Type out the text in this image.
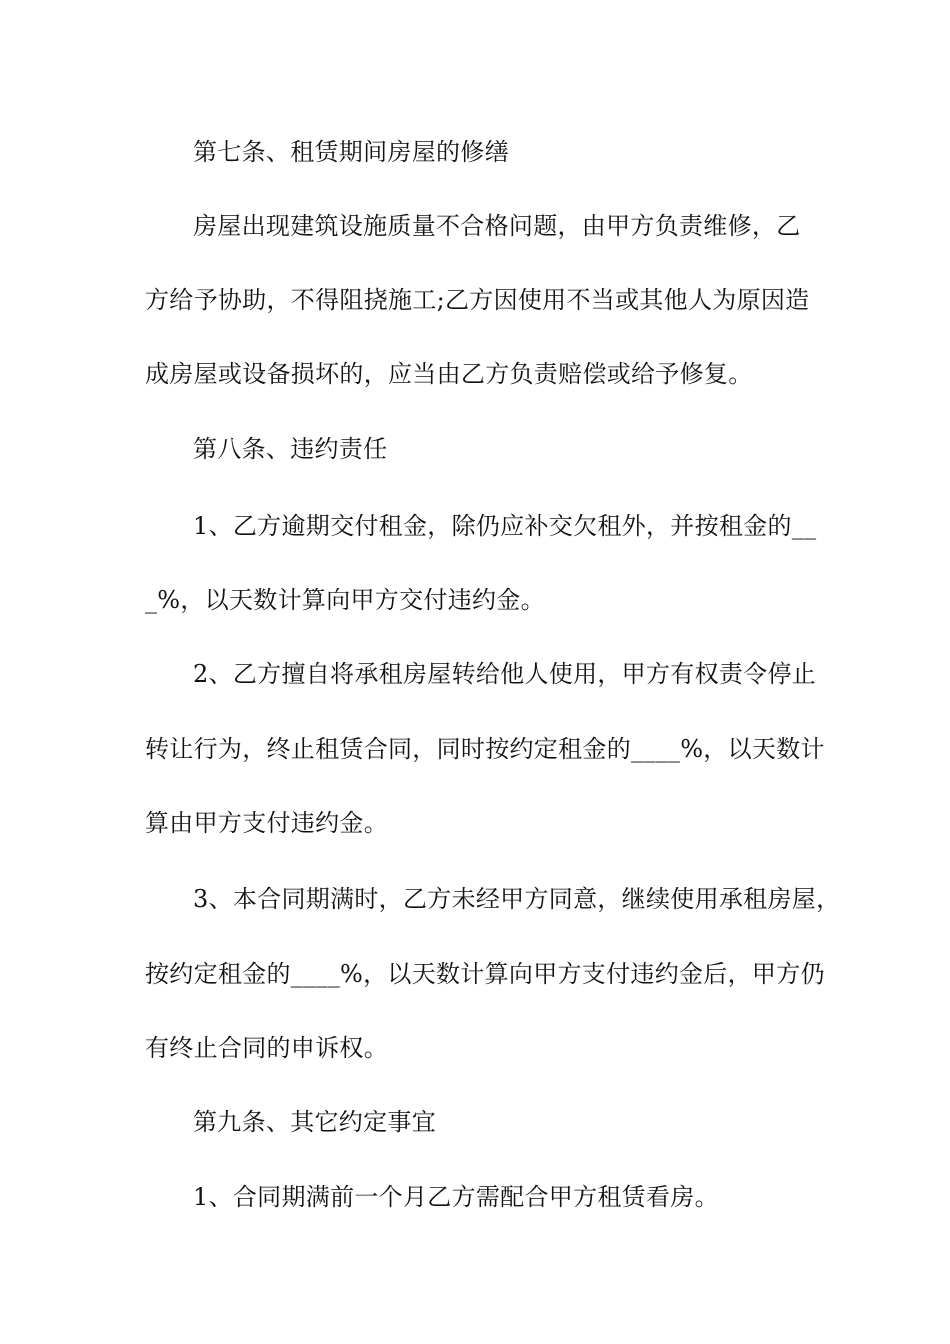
第七条、租赁期间房屋的修缮
房屋出现建筑设施质量不合格问题，由甲方负责维修，乙
方给予协助，不得阻挠施工;乙方因使用不当或其他人为原因造
成房屋或设备损坏的，应当由乙方负责赔偿或给予修复。
第八条、违约责任
1、乙方逾期交付租金，除仍应补交欠租外，并按租金的__
_%，以天数计算向甲方交付违约金。
2、乙方擅自将承租房屋转给他人使用，甲方有权责令停止
转让行为，终止租赁合同，同时按约定租金的____%，以天数计
算由甲方支付违约金。
3、本合同期满时，乙方未经甲方同意，继续使用承租房屋，
按约定租金的____%，以天数计算向甲方支付违约金后，甲方仍
有终止合同的申诉权。
第九条、其它约定事宜
1、合同期满前一个月乙方需配合甲方租赁看房。
